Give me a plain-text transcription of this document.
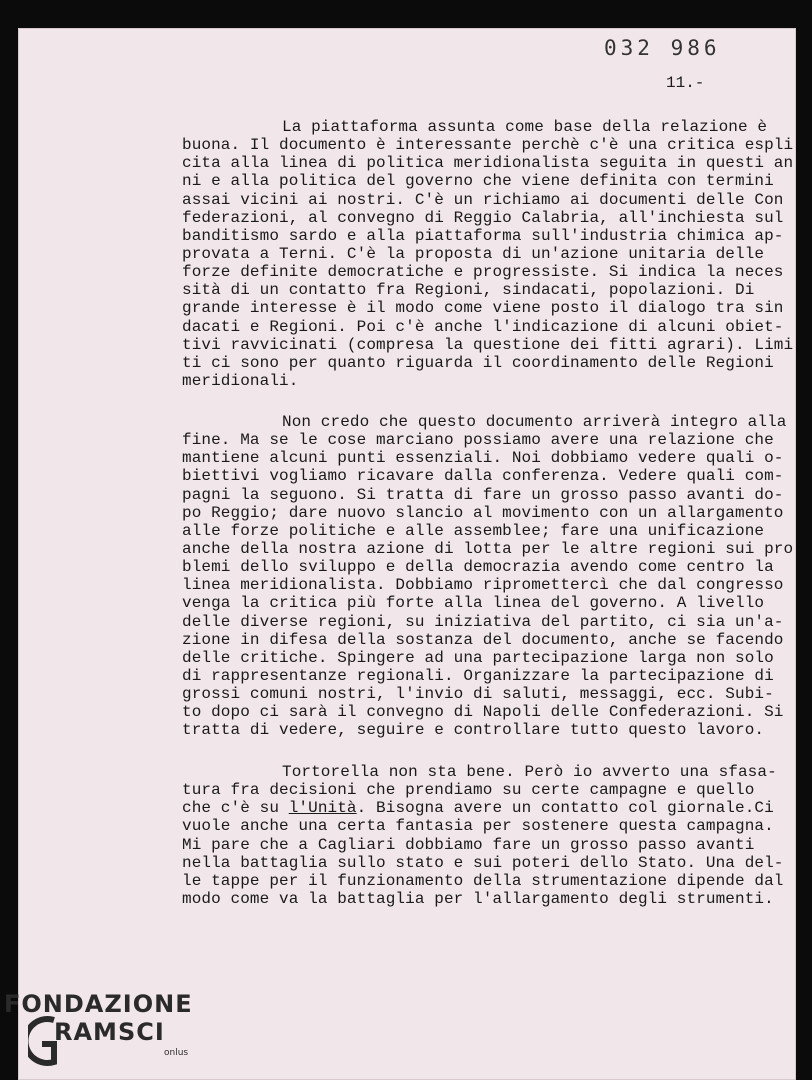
032 986
11.-
La piattaforma assunta come base della relazione è
buona. Il documento è interessante perchè c'è una critica espli
cita alla linea di politica meridionalista seguita in questi an
ni e alla politica del governo che viene definita con termini
assai vicini ai nostri. C'è un richiamo ai documenti delle Con
federazioni, al convegno di Reggio Calabria, all'inchiesta sul
banditismo sardo e alla piattaforma sull'industria chimica ap-
provata a Terni. C'è la proposta di un'azione unitaria delle
forze definite democratiche e progressiste. Si indica la neces
sità di un contatto fra Regioni, sindacati, popolazioni. Di
grande interesse è il modo come viene posto il dialogo tra sin
dacati e Regioni. Poi c'è anche l'indicazione di alcuni obiet-
tivi ravvicinati (compresa la questione dei fitti agrari). Limi
ti ci sono per quanto riguarda il coordinamento delle Regioni
meridionali.
Non credo che questo documento arriverà integro alla
fine. Ma se le cose marciano possiamo avere una relazione che
mantiene alcuni punti essenziali. Noi dobbiamo vedere quali o-
biettivi vogliamo ricavare dalla conferenza. Vedere quali com-
pagni la seguono. Si tratta di fare un grosso passo avanti do-
po Reggio; dare nuovo slancio al movimento con un allargamento
alle forze politiche e alle assemblee; fare una unificazione
anche della nostra azione di lotta per le altre regioni sui pro
blemi dello sviluppo e della democrazia avendo come centro la
linea meridionalista. Dobbiamo ripromettercì che dal congresso
venga la critica più forte alla linea del governo. A livello
delle diverse regioni, su iniziativa del partito, ci sia un'a-
zione in difesa della sostanza del documento, anche se facendo
delle critiche. Spingere ad una partecipazione larga non solo
di rappresentanze regionali. Organizzare la partecipazione di
grossi comuni nostri, l'invio di saluti, messaggi, ecc. Subi-
to dopo ci sarà il convegno di Napoli delle Confederazioni. Si
tratta di vedere, seguire e controllare tutto questo lavoro.
Tortorella non sta bene. Però io avverto una sfasa-
tura fra decisioni che prendiamo su certe campagne e quello
che c'è su l'Unità. Bisogna avere un contatto col giornale.Ci
vuole anche una certa fantasia per sostenere questa campagna.
Mi pare che a Cagliari dobbiamo fare un grosso passo avanti
nella battaglia sullo stato e sui poteri dello Stato. Una del-
le tappe per il funzionamento della strumentazione dipende dal
modo come va la battaglia per l'allargamento degli strumenti.
FONDAZIONE
RAMSCI
onlus
